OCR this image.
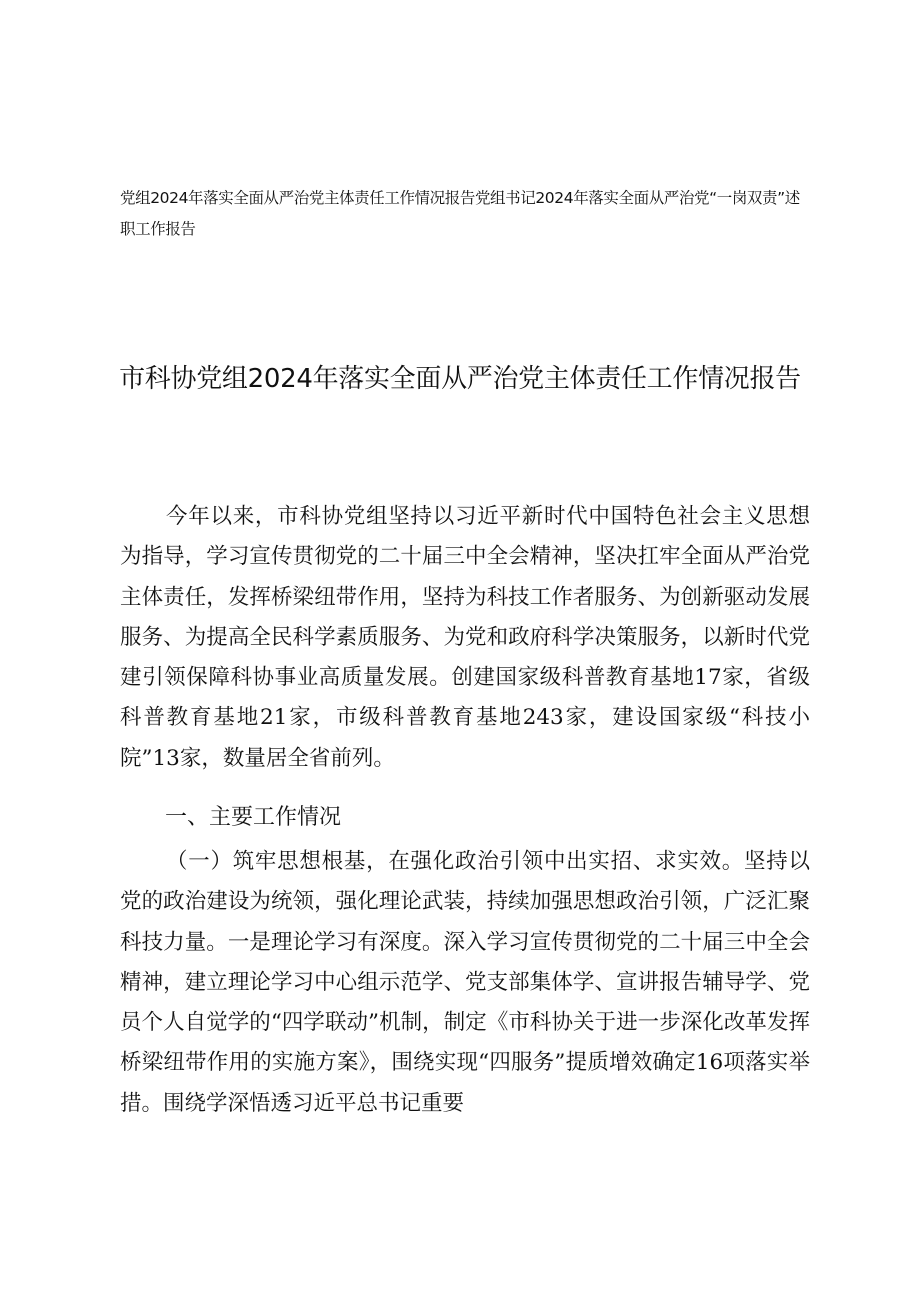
党组2024年落实全面从严治党主体责任工作情况报告党组书记2024年落实全面从严治党“一岗双责”述职工作报告

市科协党组2024年落实全面从严治党主体责任工作情况报告

今年以来，市科协党组坚持以习近平新时代中国特色社会主义思想为指导，学习宣传贯彻党的二十届三中全会精神，坚决扛牢全面从严治党主体责任，发挥桥梁纽带作用，坚持为科技工作者服务、为创新驱动发展服务、为提高全民科学素质服务、为党和政府科学决策服务，以新时代党建引领保障科协事业高质量发展。创建国家级科普教育基地17家，省级科普教育基地21家，市级科普教育基地243家，建设国家级“科技小院”13家，数量居全省前列。

一、主要工作情况

（一）筑牢思想根基，在强化政治引领中出实招、求实效。坚持以党的政治建设为统领，强化理论武装，持续加强思想政治引领，广泛汇聚科技力量。一是理论学习有深度。深入学习宣传贯彻党的二十届三中全会精神，建立理论学习中心组示范学、党支部集体学、宣讲报告辅导学、党员个人自觉学的“四学联动”机制，制定《市科协关于进一步深化改革发挥桥梁纽带作用的实施方案》，围绕实现“四服务”提质增效确定16项落实举措。围绕学深悟透习近平总书记重要
